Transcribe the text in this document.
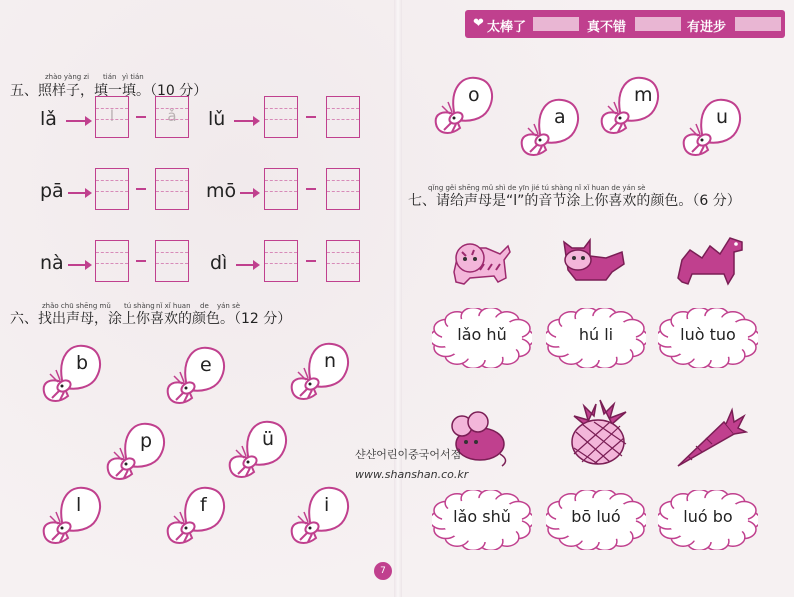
❤ 太棒了	真不错	有进步
zhào yàng zi tián yì tián
五、照样子，填一填。（10 分）
lǎ	l	ǎ	lǔ
pā	mō
nà	dì
zhǎo chū shēng mǔ tú shàng nǐ xǐ huan de yán sè
六、找出声母，涂上你喜欢的颜色。（12 分）
b	e	n
p	ü
l	f	i
o
a
m
u
qǐng gěi shēng mǔ shì de yīn jié tú shàng nǐ xǐ huan de yán sè
七、请给声母是“l”的音节涂上你喜欢的颜色。（6 分）
lǎo hǔ	hú li	luò tuo
lǎo shǔ	bō luó	luó bo
샨샨어린이중국어서점
www.shanshan.co.kr
7
